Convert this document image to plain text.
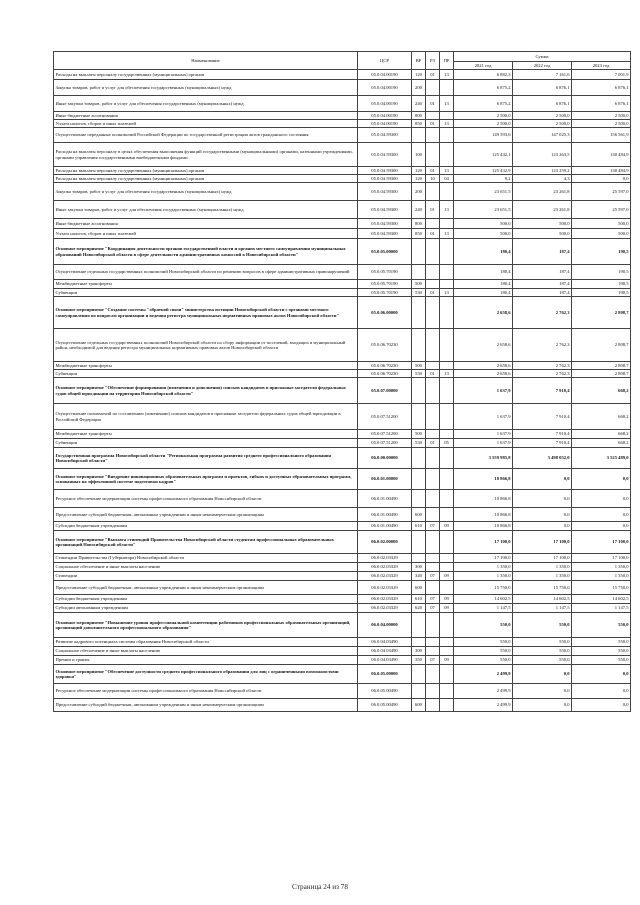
Наименование	ЦСР	ВР	РЗ	ПР	Сумма		
					2021 год	2022 год	2023 год
Расходы на выплаты персоналу государственных (муниципальных) органов	05.0.04.00190	120	01	13	6 882,3	7 161,6	7 001,9
Закупка товаров, работ и услуг для обеспечения государственных (муниципальных) нужд	05.0.04.00190	200			6 875,2	6 876,1	6 876,1
Иные закупки товаров, работ и услуг для обеспечения государственных (муниципальных) нужд	05.0.04.00190	240	01	13	6 875,2	6 876,1	6 876,1
Иные бюджетные ассигнования	05.0.04.00190	800			2 500,0	2 500,0	2 500,0
Уплата налогов, сборов и иных платежей	05.0.04.00190	850	01	13	2 500,0	2 500,0	2 500,0
Осуществление переданных полномочий Российской Федерации по государственной регистрации актов гражданского состояния	05.0.04.59300				149 593,6	147 025,3	156 561,9
Расходы на выплаты персоналу в целях обеспечения выполнения функций государственными (муниципальными) органами, казенными учреждениями, органами управления государственными внебюджетными фондами	05.0.04.59300	100			125 442,1	123 263,5	130 484,9
Расходы на выплаты персоналу государственных (муниципальных) органов	05.0.04.59300	120	01	13	125 432,9	123 259,2	130 484,9
Расходы на выплаты персоналу государственных (муниципальных) органов	05.0.04.59300	120	10	04	9,2	4,3	0,0
Закупка товаров, работ и услуг для обеспечения государственных (муниципальных) нужд	05.0.04.59300	200			23 651,5	23 261,8	25 597,0
Иные закупки товаров, работ и услуг для обеспечения государственных (муниципальных) нужд	05.0.04.59300	240	01	13	23 651,5	23 261,8	25 597,0
Иные бюджетные ассигнования	05.0.04.59300	800			500,0	500,0	500,0
Уплата налогов, сборов и иных платежей	05.0.04.59300	850	01	13	500,0	500,0	500,0
Основное мероприятие "Координация деятельности органов государственной власти и органов местного самоуправления муниципальных образований Новосибирской области в сфере деятельности административных комиссий в Новосибирской области"	05.0.05.00000				180,4	187,4	190,5
Осуществление отдельных государственных полномочий Новосибирской области по решению вопросов в сфере административных правонарушений	05.0.05.70190				180,4	187,4	190,5
Межбюджетные трансферты	05.0.05.70190	500			180,4	187,4	190,5
Субвенции	05.0.05.70190	530	01	13	180,4	187,4	190,5
Основное мероприятие "Создание системы "обратной связи" министерства юстиции Новосибирской области с органами местного самоуправления по вопросам организации и ведения регистра муниципальных нормативных правовых актов Новосибирской области"	05.0.06.00000				2 658,6	2 762,3	2 808,7
Осуществление отдельных государственных полномочий Новосибирской области по сбору информации от поселений, входящих в муниципальный район, необходимой для ведения регистра муниципальных нормативных правовых актов Новосибирской области	05.0.06.70230				2 658,6	2 762,3	2 808,7
Межбюджетные трансферты	05.0.06.70230	500			2 658,6	2 762,3	2 808,7
Субвенции	05.0.06.70230	530	01	13	2 658,6	2 762,3	2 808,7
Основное мероприятие "Обеспечение формирования (изменения и дополнения) списков кандидатов в присяжные заседатели федеральных судов общей юрисдикции на территории Новосибирской области"	05.0.07.00000				1 637,9	7 910,4	668,2
Осуществление полномочий по составлению (изменению) списков кандидатов в присяжные заседатели федеральных судов общей юрисдикции в Российской Федерации	05.0.07.51200				1 637,9	7 910,4	668,2
Межбюджетные трансферты	05.0.07.51200	500			1 637,9	7 910,4	668,2
Субвенции	05.0.07.51200	530	01	05	1 637,9	7 910,4	668,2
Государственная программа Новосибирской области "Региональная программа развития среднего профессионального образования Новосибирской области"	06.0.00.00000				3 559 985,8	3 498 052,0	3 525 489,0
Основное мероприятие "Внедрение инновационных образовательных программ и проектов, гибких и доступных образовательных программ, основанных на эффективной системе подготовки кадров"	06.0.01.00000				10 866,8	0,0	0,0
Ресурсное обеспечение модернизации системы профессионального образования Новосибирской области	06.0.01.00490				10 866,8	0,0	0,0
Предоставление субсидий бюджетным, автономным учреждениям и иным некоммерческим организациям	06.0.01.00490	600			10 866,8	0,0	0,0
Субсидии бюджетным учреждениям	06.0.01.00490	610	07	09	10 866,8	0,0	0,0
Основное мероприятие "Выплата стипендий Правительства Новосибирской области студентам профессиональных образовательных организаций Новосибирской области"	06.0.02.00000				17 100,0	17 100,0	17 100,0
Стипендии Правительства (Губернатора) Новосибирской области	06.0.02.03329				17 100,0	17 100,0	17 100,0
Социальное обеспечение и иные выплаты населению	06.0.02.03329	300			1 350,0	1 350,0	1 350,0
Стипендии	06.0.02.03329	340	07	09	1 350,0	1 350,0	1 350,0
Предоставление субсидий бюджетным, автономным учреждениям и иным некоммерческим организациям	06.0.02.03329	600			15 750,0	15 750,0	15 750,0
Субсидии бюджетным учреждениям	06.0.02.03329	610	07	09	14 602,5	14 602,5	14 602,5
Субсидии автономным учреждениям	06.0.02.03329	620	07	09	1 147,5	1 147,5	1 147,5
Основное мероприятие "Повышение уровня профессиональной компетенции работников профессиональных образовательных организаций, организаций дополнительного профессионального образования"	06.0.04.00000				550,0	550,0	550,0
Развитие кадрового потенциала системы образования Новосибирской области	06.0.04.03490				550,0	550,0	550,0
Социальное обеспечение и иные выплаты населению	06.0.04.03490	300			550,0	550,0	550,0
Премии и гранты	06.0.04.03490	350	07	09	550,0	550,0	550,0
Основное мероприятие "Обеспечение доступности среднего профессионального образования для лиц с ограниченными возможностями здоровья"	06.0.05.00000				2 499,9	0,0	0,0
Ресурсное обеспечение модернизации системы профессионального образования Новосибирской области	06.0.05.00490				2 499,9	0,0	0,0
Предоставление субсидий бюджетным, автономным учреждениям и иным некоммерческим организациям	06.0.05.00490	600			2 499,9	0,0	0,0
Страница 24 из 78
